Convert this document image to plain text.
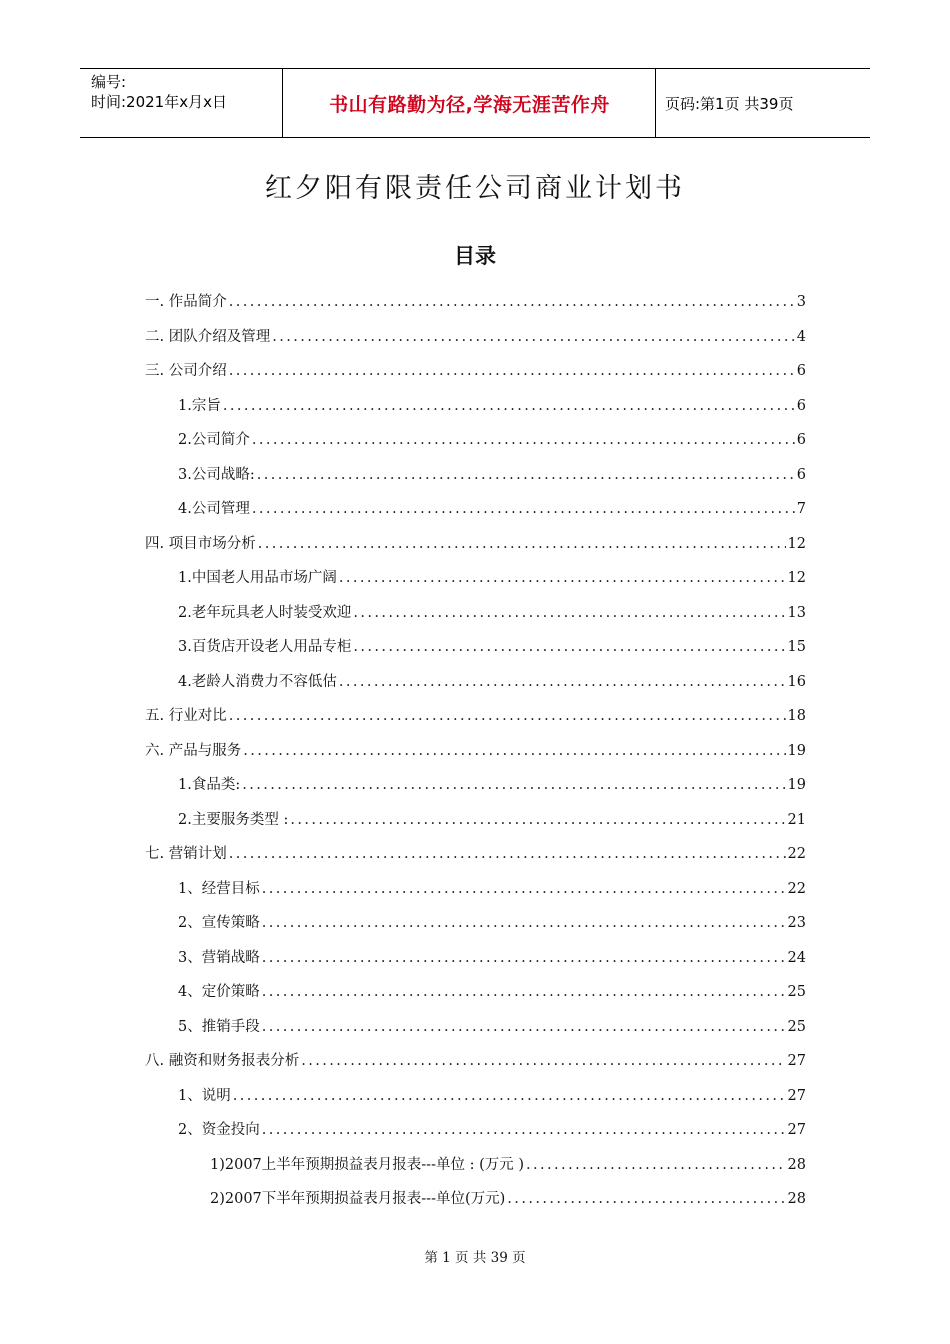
编号:
时间:2021年x月x日	书山有路勤为径,学海无涯苦作舟	页码:第1页 共39页
红夕阳有限责任公司商业计划书
目录
一. 作品简介 .....	3
二. 团队介绍及管理 .....	4
三. 公司介绍 .....	6
1.宗旨 .....	6
2.公司简介 .....	6
3.公司战略: .....	6
4.公司管理 .....	7
四. 项目市场分析 .....	12
1.中国老人用品市场广阔 .....	12
2.老年玩具老人时装受欢迎 .....	13
3.百货店开设老人用品专柜 .....	15
4.老龄人消费力不容低估 .....	16
五. 行业对比 .....	18
六. 产品与服务 .....	19
1.食品类: .....	19
2.主要服务类型 : .....	21
七. 营销计划 .....	22
1、经营目标 .....	22
2、宣传策略 .....	23
3、营销战略 .....	24
4、定价策略 .....	25
5、推销手段 .....	25
八. 融资和财务报表分析 .....	27
1、说明 .....	27
2、资金投向 .....	27
1)2007上半年预期损益表月报表---单位 : (万元 ) .....	28
2)2007下半年预期损益表月报表---单位(万元) .....	28
第 1 页 共 39 页
